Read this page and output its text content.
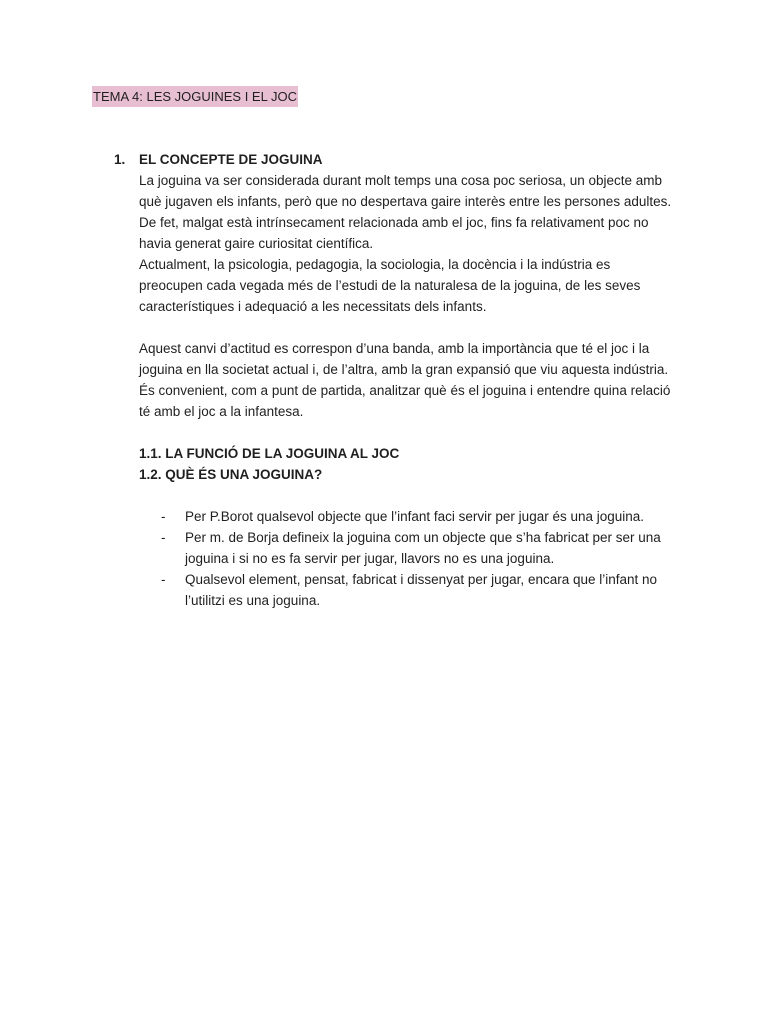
TEMA 4: LES JOGUINES I EL JOC
1. EL CONCEPTE DE JOGUINA

La joguina va ser considerada durant molt temps una cosa poc seriosa, un objecte amb què jugaven els infants, però que no despertava gaire interès entre les persones adultes. De fet, malgat està intrínsecament relacionada amb el joc, fins fa relativament poc no havia generat gaire curiositat científica.

Actualment, la psicologia, pedagogia, la sociologia, la docència i la indústria es preocupen cada vegada més de l’estudi de la naturalesa de la joguina, de les seves característiques i adequació a les necessitats dels infants.

Aquest canvi d’actitud es correspon d’una banda, amb la importància que té el joc i la joguina en lla societat actual i, de l’altra, amb la gran expansió que viu aquesta indústria.

És convenient, com a punt de partida, analitzar què és el joguina i entendre quina relació té amb el joc a la infantesa.

1.1. LA FUNCIÓ DE LA JOGUINA AL JOC

1.2. QUÈ ÉS UNA JOGUINA?

- Per P.Borot qualsevol objecte que l’infant faci servir per jugar és una joguina.
- Per m. de Borja defineix la joguina com un objecte que s’ha fabricat per ser una joguina i si no es fa servir per jugar, llavors no es una joguina.
- Qualsevol element, pensat, fabricat i dissenyat per jugar, encara que l’infant no l’utilitzi es una joguina.
